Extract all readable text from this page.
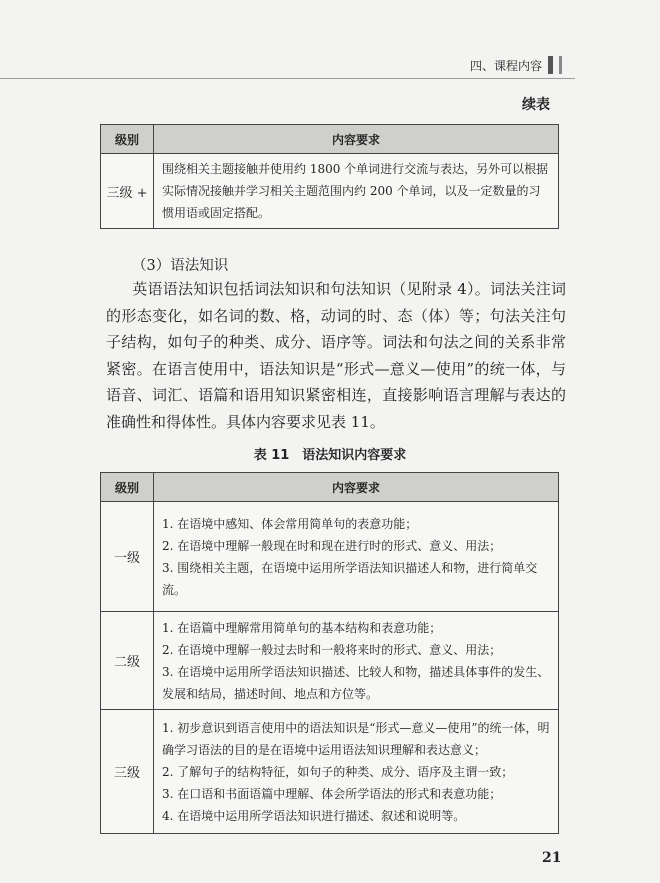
四、课程内容
续表
级别	内容要求
三级 +	围绕相关主题接触并使用约 1800 个单词进行交流与表达，另外可以根据实际情况接触并学习相关主题范围内约 200 个单词，以及一定数量的习惯用语或固定搭配。
（3）语法知识
英语语法知识包括词法知识和句法知识（见附录 4）。词法关注词的形态变化，如名词的数、格，动词的时、态（体）等；句法关注句子结构，如句子的种类、成分、语序等。词法和句法之间的关系非常紧密。在语言使用中，语法知识是“形式—意义—使用”的统一体，与语音、词汇、语篇和语用知识紧密相连，直接影响语言理解与表达的准确性和得体性。具体内容要求见表 11。
表 11　语法知识内容要求
级别	内容要求
一级	1. 在语境中感知、体会常用简单句的表意功能；
2. 在语境中理解一般现在时和现在进行时的形式、意义、用法；
3. 围绕相关主题，在语境中运用所学语法知识描述人和物，进行简单交流。

二级	1. 在语篇中理解常用简单句的基本结构和表意功能；
2. 在语境中理解一般过去时和一般将来时的形式、意义、用法；
3. 在语境中运用所学语法知识描述、比较人和物，描述具体事件的发生、发展和结局，描述时间、地点和方位等。

三级	1. 初步意识到语言使用中的语法知识是“形式—意义—使用”的统一体，明确学习语法的目的是在语境中运用语法知识理解和表达意义；
2. 了解句子的结构特征，如句子的种类、成分、语序及主谓一致；
3. 在口语和书面语篇中理解、体会所学语法的形式和表意功能；
4. 在语境中运用所学语法知识进行描述、叙述和说明等。
21
